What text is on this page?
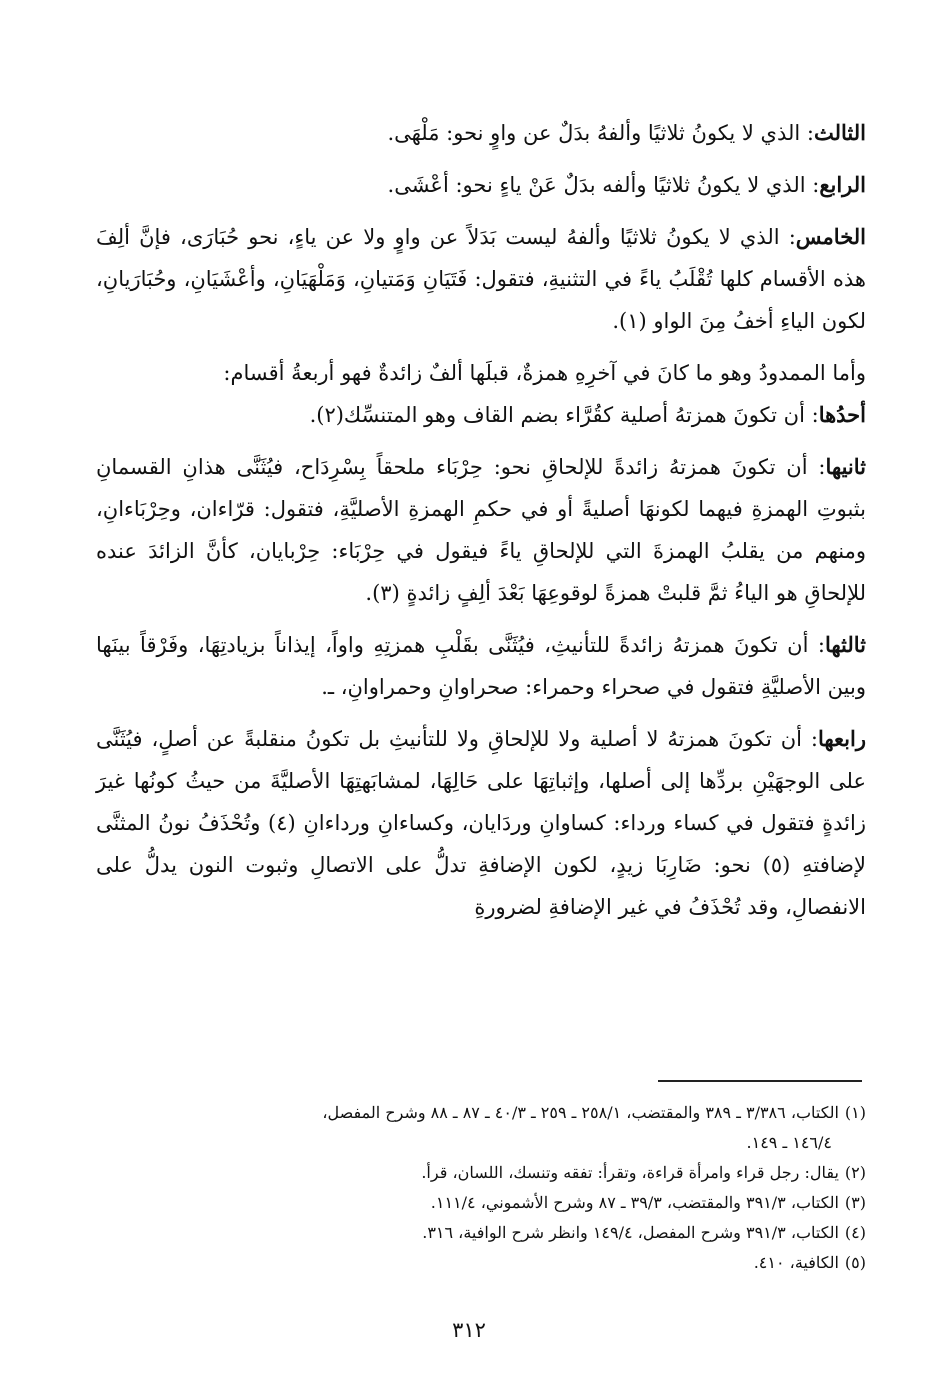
الثالث: الذي لا يكونُ ثلاثيًا وألفهُ بدَلٌ عن واوٍ نحو: مَلْهَى.
الرابع: الذي لا يكونُ ثلاثيًا وألفه بدَلٌ عَنْ ياءٍ نحو: أعْشَى.
الخامس: الذي لا يكونُ ثلاثيًا وألفهُ ليست بَدَلاً عن واوٍ ولا عن ياءٍ، نحو حُبَارَى، فإنَّ ألِفَ هذه الأقسام كلها تُقْلَبُ ياءً في التثنيةِ، فتقول: فَتَيَانِ وَمَتيانِ، وَمَلْهَيَانِ، وأعْشَيَانِ، وحُبَارَيانِ، لكون الياءِ أخفُ مِنَ الواو (١).
وأما الممدودُ وهو ما كانَ في آخرِهِ همزةٌ، قبلَها ألفٌ زائدةٌ فهو أربعةُ أقسام:
أحدُها: أن تكونَ همزتهُ أصلية كقُرَّاء بضم القاف وهو المتنسِّك(٢).
ثانيها: أن تكونَ همزتهُ زائدةً للإلحاقِ نحو: حِرْبَاء ملحقاً بِسْرِدَاح، فيُثَنَّى هذانِ القسمانِ بثبوتِ الهمزةِ فيهما لكونهَا أصليةً أو في حكمِ الهمزةِ الأصليَّةِ، فتقول: قرّاءان، وحِرْبَاءانِ، ومنهم من يقلبُ الهمزةَ التي للإلحاقِ ياءً فيقول في حِرْبَاء: حِرْبايان، كأنَّ الزائدَ عنده للإلحاقِ هو الياءُ ثمَّ قلبتْ همزةً لوقوعِهَا بَعْدَ ألِفٍ زائدةٍ (٣).
ثالثها: أن تكونَ همزتهُ زائدةً للتأنيثِ، فيُثَنَّى بقَلْبِ همزتِهِ واواً، إيذاناً بزيادتِهَا، وفَرْقاً بينَها وبين الأصليَّةِ فتقول في صحراء وحمراء: صحراوانِ وحمراوانِ، ـ.
رابعها: أن تكونَ همزتهُ لا أصلية ولا للإلحاقِ ولا للتأنيثِ بل تكونُ منقلبةً عن أصلٍ، فيُثَنَّى على الوجهَيْنِ بردِّها إلى أصلها، وإثباتِهَا على حَالِهَا، لمشابَهتِهَا الأصليَّةَ من حيثُ كونُها غيرَ زائدةٍ فتقول في كساء ورداء: كساوانِ وردَايان، وكساءانِ ورداءانِ (٤) وتُحْذَفُ نونُ المثنَّى لإضافتهِ (٥) نحو: ضَارِبَا زيدٍ، لكون الإضافةِ تدلُّ على الاتصالِ وثبوت النون يدلُّ على الانفصالِ، وقد تُحْذَفُ في غير الإضافةِ لضرورةِ
(١)الكتاب، ٣/٣٨٦ ـ ٣٨٩ والمقتضب، ٢٥٨/١ ـ ٢٥٩ ـ ٤٠/٣ ـ ٨٧ ـ ٨٨ وشرح المفصل،
١٤٦/٤ ـ ١٤٩.
(٢)يقال: رجل قراء وامرأة قراءة، وتقرأ: تفقه وتنسك، اللسان، قرأ.
(٣)الكتاب، ٣٩١/٣ والمقتضب، ٣٩/٣ ـ ٨٧ وشرح الأشموني، ١١١/٤.
(٤)الكتاب، ٣٩١/٣ وشرح المفصل، ١٤٩/٤ وانظر شرح الوافية، ٣١٦.
(٥)الكافية، ٤١٠.
٣١٢
